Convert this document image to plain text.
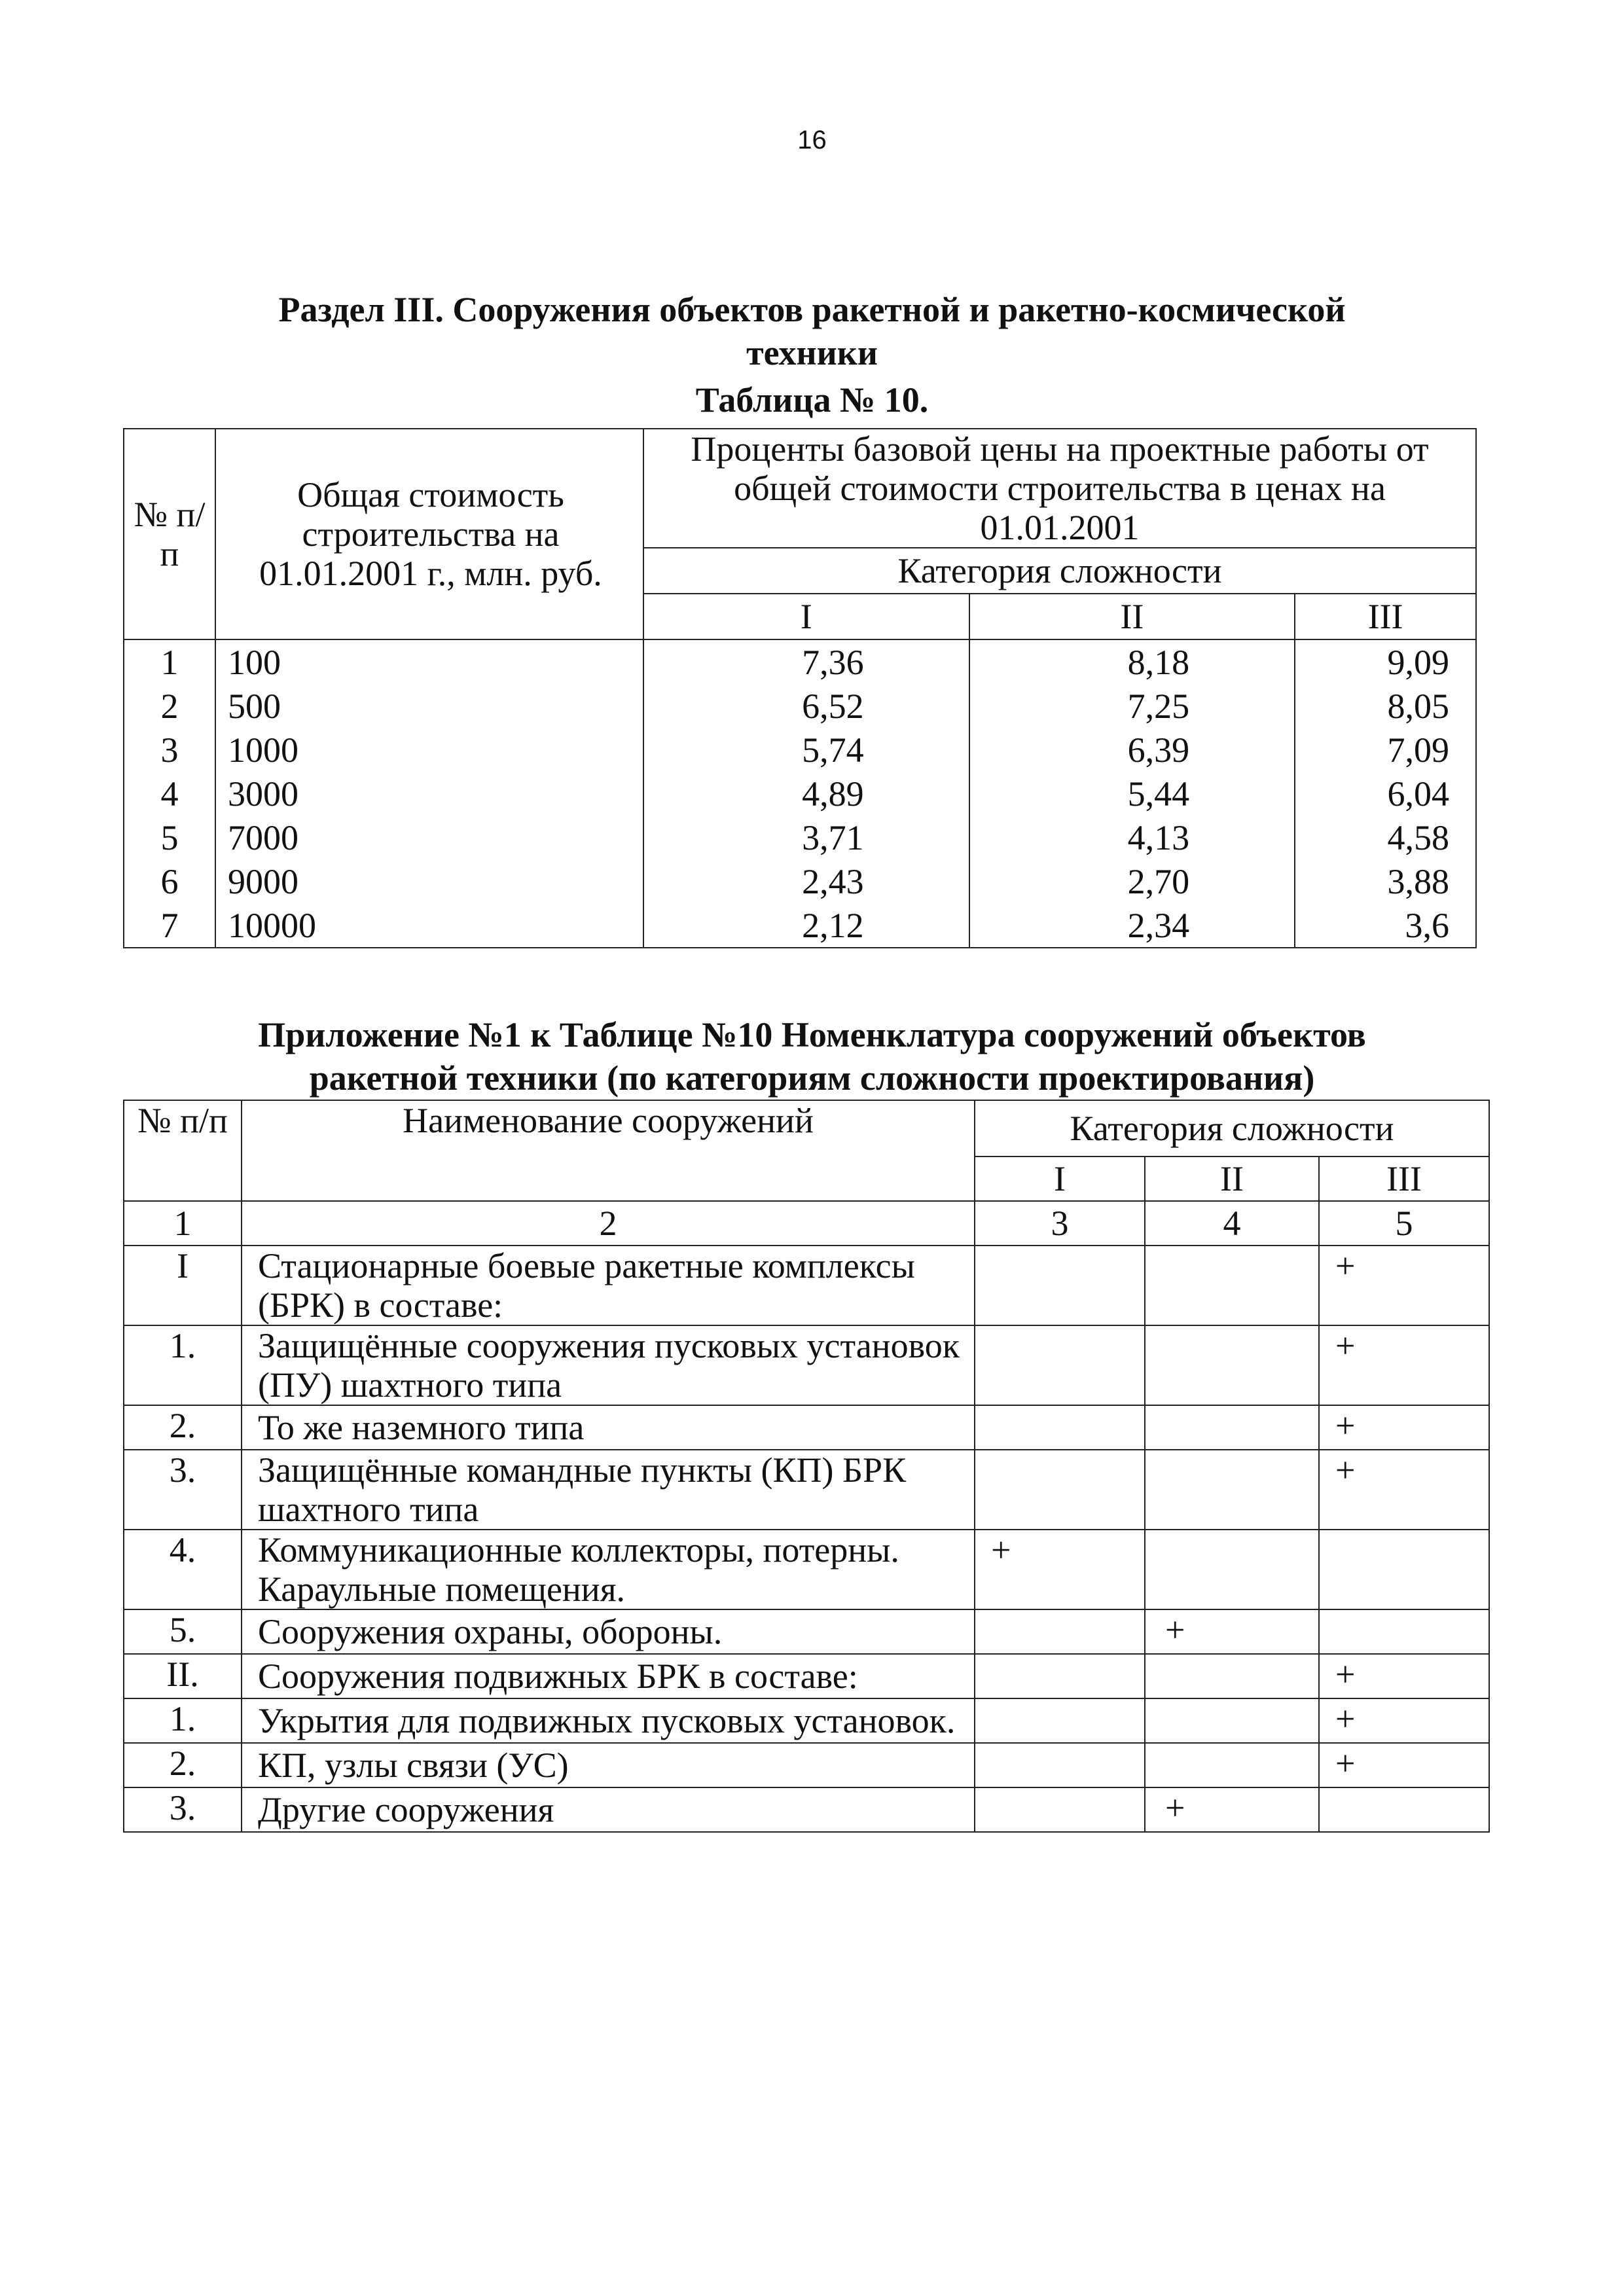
16
Раздел III. Сооружения объектов ракетной и ракетно-космической
техники
Таблица № 10.
№ п/п	Общая стоимость строительства на 01.01.2001 г., млн. руб.	Проценты базовой цены на проектные работы от общей стоимости строительства в ценах на 01.01.2001		
		Категория сложности		
		I	II	III
1	100	7,36	8,18	9,09
2	500	6,52	7,25	8,05
3	1000	5,74	6,39	7,09
4	3000	4,89	5,44	6,04
5	7000	3,71	4,13	4,58
6	9000	2,43	2,70	3,88
7	10000	2,12	2,34	3,6
Приложение №1 к Таблице №10 Номенклатура сооружений объектов
ракетной техники (по категориям сложности проектирования)
№ п/п	Наименование сооружений	Категория сложности		
		I	II	III
1	2	3	4	5
I	Стационарные боевые ракетные комплексы (БРК) в составе:			+
1.	Защищённые сооружения пусковых установок (ПУ) шахтного типа			+
2.	То же наземного типа			+
3.	Защищённые командные пункты (КП) БРК шахтного типа			+
4.	Коммуникационные коллекторы, потерны. Караульные помещения.	+		
5.	Сооружения охраны, обороны.		+	
II.	Сооружения подвижных БРК в составе:			+
1.	Укрытия для подвижных пусковых установок.			+
2.	КП, узлы связи (УС)			+
3.	Другие сооружения		+	
